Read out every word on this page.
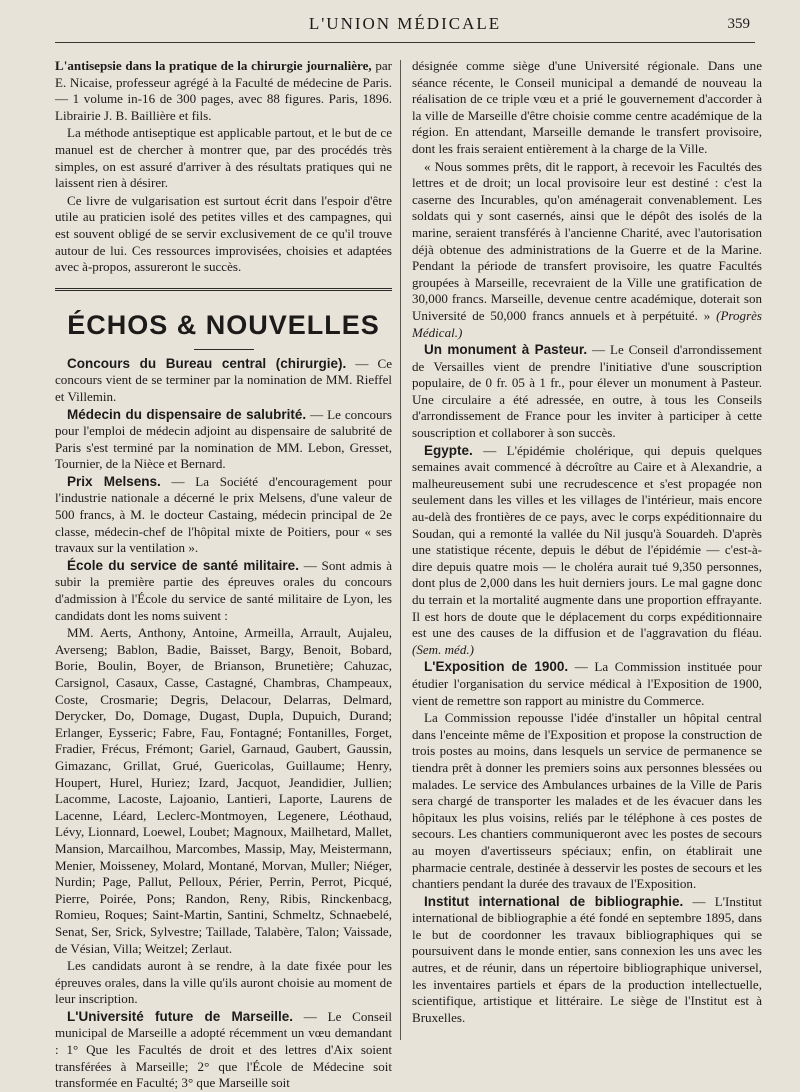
L'UNION MÉDICALE	359

L'antisepsie dans la pratique de la chirurgie journalière, par E. Nicaise, professeur agrégé à la Faculté de médecine de Paris. — 1 volume in-16 de 300 pages, avec 88 figures. Paris, 1896. Librairie J. B. Baillière et fils.

La méthode antiseptique est applicable partout, et le but de ce manuel est de chercher à montrer que, par des procédés très simples, on est assuré d'arriver à des résultats pratiques qui ne laissent rien à désirer.

Ce livre de vulgarisation est surtout écrit dans l'espoir d'être utile au praticien isolé des petites villes et des campagnes, qui est souvent obligé de se servir exclusivement de ce qu'il trouve autour de lui. Ces ressources improvisées, choisies et adaptées avec à-propos, assureront le succès.

ÉCHOS & NOUVELLES

Concours du Bureau central (chirurgie). — Ce concours vient de se terminer par la nomination de MM. Rieffel et Villemin.

Médecin du dispensaire de salubrité. — Le concours pour l'emploi de médecin adjoint au dispensaire de salubrité de Paris s'est terminé par la nomination de MM. Lebon, Gresset, Tournier, de la Nièce et Bernard.

Prix Melsens. — La Société d'encouragement pour l'industrie nationale a décerné le prix Melsens, d'une valeur de 500 francs, à M. le docteur Castaing, médecin principal de 2e classe, médecin-chef de l'hôpital mixte de Poitiers, pour « ses travaux sur la ventilation ».

École du service de santé militaire. — Sont admis à subir la première partie des épreuves orales du concours d'admission à l'École du service de santé militaire de Lyon, les candidats dont les noms suivent :

MM. Aerts, Anthony, Antoine, Armeilla, Arrault, Aujaleu, Averseng; Bablon, Badie, Baisset, Bargy, Benoit, Bobard, Borie, Boulin, Boyer, de Brianson, Brunetière; Cahuzac, Carsignol, Casaux, Casse, Castagné, Chambras, Champeaux, Coste, Crosmarie; Degris, Delacour, Delarras, Delmard, Derycker, Do, Domage, Dugast, Dupla, Dupuich, Durand; Erlanger, Eysseric; Fabre, Fau, Fontagné; Fontanilles, Forget, Fradier, Frécus, Frémont; Gariel, Garnaud, Gaubert, Gaussin, Gimazanc, Grillat, Grué, Guericolas, Guillaume; Henry, Houpert, Hurel, Huriez; Izard, Jacquot, Jeandidier, Jullien; Lacomme, Lacoste, Lajoanio, Lantieri, Laporte, Laurens de Lacenne, Léard, Leclerc-Montmoyen, Legenere, Léothaud, Lévy, Lionnard, Loewel, Loubet; Magnoux, Mailhetard, Mallet, Mansion, Marcailhou, Marcombes, Massip, May, Meistermann, Menier, Moisseney, Molard, Montané, Morvan, Muller; Niéger, Nurdin; Page, Pallut, Pelloux, Périer, Perrin, Perrot, Picqué, Pierre, Poirée, Pons; Randon, Reny, Ribis, Rinckenbacg, Romieu, Roques; Saint-Martin, Santini, Schmeltz, Schnaebelé, Senat, Ser, Srick, Sylvestre; Taillade, Talabère, Talon; Vaissade, de Vésian, Villa; Weitzel; Zerlaut.

Les candidats auront à se rendre, à la date fixée pour les épreuves orales, dans la ville qu'ils auront choisie au moment de leur inscription.

L'Université future de Marseille. — Le Conseil municipal de Marseille a adopté récemment un vœu demandant : 1° Que les Facultés de droit et des lettres d'Aix soient transférées à Marseille; 2° que l'École de Médecine soit transformée en Faculté; 3° que Marseille soit

désignée comme siège d'une Université régionale. Dans une séance récente, le Conseil municipal a demandé de nouveau la réalisation de ce triple vœu et a prié le gouvernement d'accorder à la ville de Marseille d'être choisie comme centre académique de la région. En attendant, Marseille demande le transfert provisoire, dont les frais seraient entièrement à la charge de la Ville.

« Nous sommes prêts, dit le rapport, à recevoir les Facultés des lettres et de droit; un local provisoire leur est destiné : c'est la caserne des Incurables, qu'on aménagerait convenablement. Les soldats qui y sont casernés, ainsi que le dépôt des isolés de la marine, seraient transférés à l'ancienne Charité, avec l'autorisation déjà obtenue des administrations de la Guerre et de la Marine. Pendant la période de transfert provisoire, les quatre Facultés groupées à Marseille, recevraient de la Ville une gratification de 30,000 francs. Marseille, devenue centre académique, doterait son Université de 50,000 francs annuels et à perpétuité. » (Progrès Médical.)

Un monument à Pasteur. — Le Conseil d'arrondissement de Versailles vient de prendre l'initiative d'une souscription populaire, de 0 fr. 05 à 1 fr., pour élever un monument à Pasteur. Une circulaire a été adressée, en outre, à tous les Conseils d'arrondissement de France pour les inviter à participer à cette souscription et collaborer à son succès.

Egypte. — L'épidémie cholérique, qui depuis quelques semaines avait commencé à décroître au Caire et à Alexandrie, a malheureusement subi une recrudescence et s'est propagée non seulement dans les villes et les villages de l'intérieur, mais encore au-delà des frontières de ce pays, avec le corps expéditionnaire du Soudan, qui a remonté la vallée du Nil jusqu'à Souardeh. D'après une statistique récente, depuis le début de l'épidémie — c'est-à-dire depuis quatre mois — le choléra aurait tué 9,350 personnes, dont plus de 2,000 dans les huit derniers jours. Le mal gagne donc du terrain et la mortalité augmente dans une proportion effrayante. Il est hors de doute que le déplacement du corps expéditionnaire est une des causes de la diffusion et de l'aggravation du fléau. (Sem. méd.)

L'Exposition de 1900. — La Commission instituée pour étudier l'organisation du service médical à l'Exposition de 1900, vient de remettre son rapport au ministre du Commerce.

La Commission repousse l'idée d'installer un hôpital central dans l'enceinte même de l'Exposition et propose la construction de trois postes au moins, dans lesquels un service de permanence se tiendra prêt à donner les premiers soins aux personnes blessées ou malades. Le service des Ambulances urbaines de la Ville de Paris sera chargé de transporter les malades et de les évacuer dans les hôpitaux les plus voisins, reliés par le téléphone à ces postes de secours. Les chantiers communiqueront avec les postes de secours au moyen d'avertisseurs spéciaux; enfin, on établirait une pharmacie centrale, destinée à desservir les postes de secours et les chantiers pendant la durée des travaux de l'Exposition.

Institut international de bibliographie. — L'Institut international de bibliographie a été fondé en septembre 1895, dans le but de coordonner les travaux bibliographiques qui se poursuivent dans le monde entier, sans connexion les uns avec les autres, et de réunir, dans un répertoire bibliographique universel, les inventaires partiels et épars de la production intellectuelle, scientifique, artistique et littéraire. Le siège de l'Institut est à Bruxelles.
